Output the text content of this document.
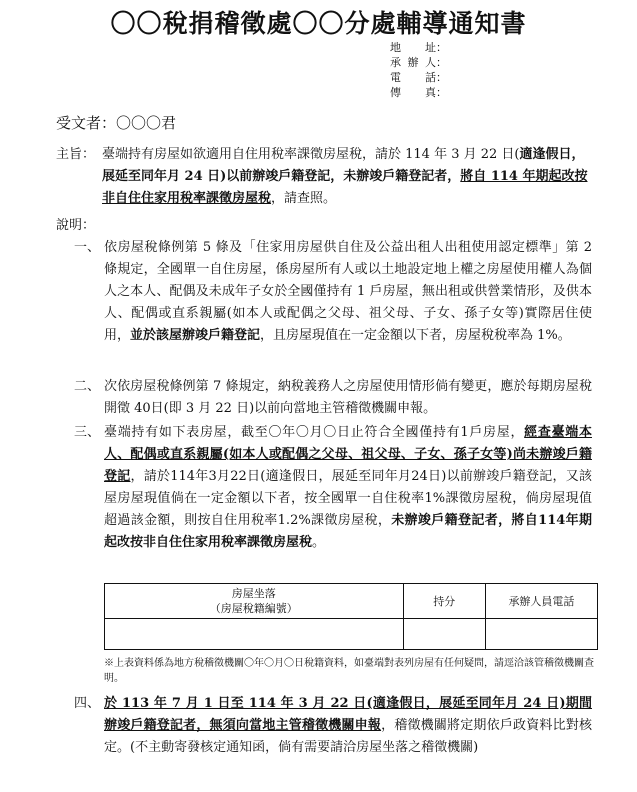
〇〇稅捐稽徵處〇〇分處輔導通知書
地　址：
承辦人：
電　話：
傳　真：
受文者：〇〇〇君
主旨： 臺端持有房屋如欲適用自住用稅率課徵房屋稅，請於 114 年 3 月 22 日(適逢假日，展延至同年月 24 日)以前辦竣戶籍登記，未辦竣戶籍登記者，將自 114 年期起改按非自住住家用稅率課徵房屋稅，請查照。
說明：
一、 依房屋稅條例第 5 條及「住家用房屋供自住及公益出租人出租使用認定標準」第 2 條規定，全國單一自住房屋，係房屋所有人或以土地設定地上權之房屋使用權人為個人之本人、配偶及未成年子女於全國僅持有 1 戶房屋，無出租或供營業情形，及供本人、配偶或直系親屬(如本人或配偶之父母、祖父母、子女、孫子女等)實際居住使用，並於該屋辦竣戶籍登記，且房屋現值在一定金額以下者，房屋稅稅率為 1%。
二、 次依房屋稅條例第 7 條規定，納稅義務人之房屋使用情形倘有變更，應於每期房屋稅開徵 40日(即 3 月 22 日)以前向當地主管稽徵機關申報。
三、 臺端持有如下表房屋，截至〇年〇月〇日止符合全國僅持有1戶房屋，經查臺端本人、配偶或直系親屬(如本人或配偶之父母、祖父母、子女、孫子女等)尚未辦竣戶籍登記，請於114年3月22日(適逢假日，展延至同年月24日)以前辦竣戶籍登記，又該屋房屋現值倘在一定金額以下者，按全國單一自住稅率1%課徵房屋稅，倘房屋現值超過該金額，則按自住用稅率1.2%課徵房屋稅，未辦竣戶籍登記者，將自114年期起改按非自住住家用稅率課徵房屋稅。
房屋坐落
（房屋稅籍編號）	持分	承辦人員電話

※上表資料係為地方稅稽徵機關〇年〇月〇日稅籍資料，如臺端對表列房屋有任何疑問，請逕洽該管稽徵機關查明。
四、 於 113 年 7 月 1 日至 114 年 3 月 22 日(適逢假日，展延至同年月 24 日)期間辦竣戶籍登記者，無須向當地主管稽徵機關申報，稽徵機關將定期依戶政資料比對核定。(不主動寄發核定通知函，倘有需要請洽房屋坐落之稽徵機關)
